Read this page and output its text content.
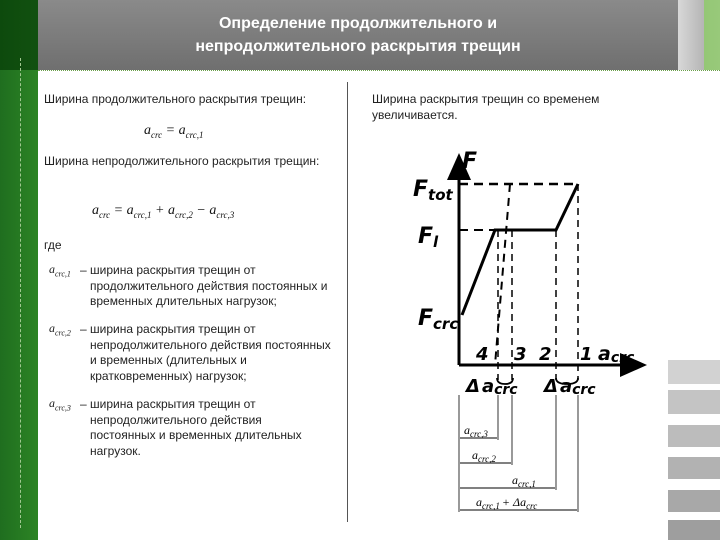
Определение продолжительного и
непродолжительного раскрытия трещин
Ширина продолжительного раскрытия трещин:
$a_{crc} = a_{crc,1}$
Ширина непродолжительного раскрытия трещин:
$a_{crc} = a_{crc,1} + a_{crc,2} - a_{crc,3}$
где
$a_{crc,1}$ – ширина раскрытия трещин от продолжительного действия постоянных и временных длительных нагрузок;
$a_{crc,2}$ – ширина раскрытия трещин от непродолжительного действия постоянных и временных (длительных и кратковременных) нагрузок;
$a_{crc,3}$ – ширина раскрытия трещин от непродолжительного действия постоянных и временных длительных нагрузок.
Ширина раскрытия трещин со временем увеличивается.
F
Ftot
Fl
Fcrc
4 3 2 1 acrc
Δ acrc Δ acrc
$a_{crc,3}$
$a_{crc,2}$
$a_{crc,1}$
$a_{crc,1} + \Delta a_{crc}$
